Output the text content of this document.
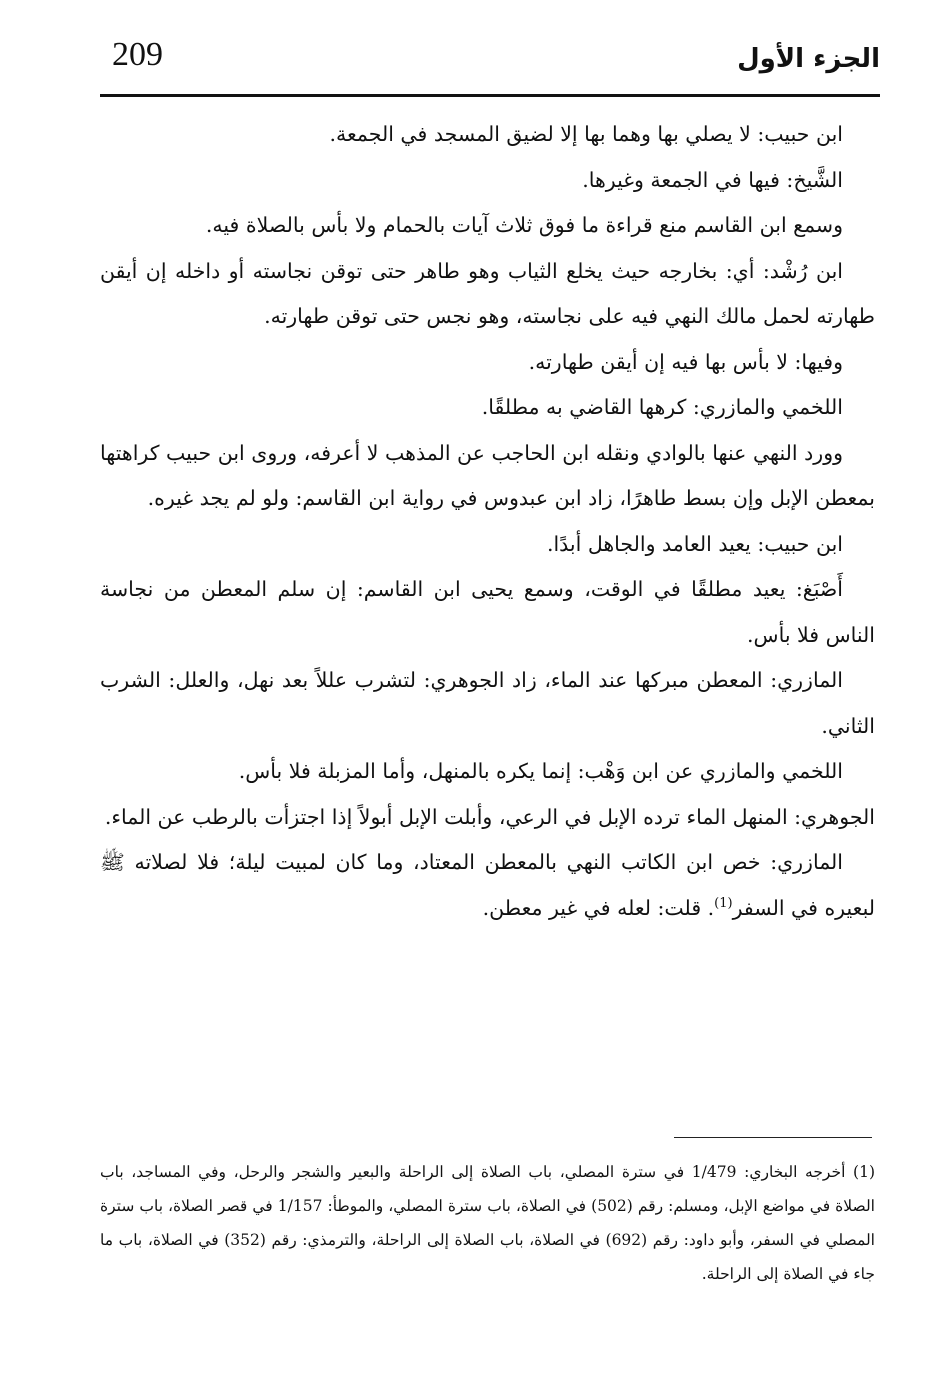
209	الجزء الأول

ابن حبيب: لا يصلي بها وهما بها إلا لضيق المسجد في الجمعة.

الشَّيخ: فيها في الجمعة وغيرها.

وسمع ابن القاسم منع قراءة ما فوق ثلاث آيات بالحمام ولا بأس بالصلاة فيه.

ابن رُشْد: أي: بخارجه حيث يخلع الثياب وهو طاهر حتى توقن نجاسته أو داخله إن أيقن طهارته لحمل مالك النهي فيه على نجاسته، وهو نجس حتى توقن طهارته.

وفيها: لا بأس بها فيه إن أيقن طهارته.

اللخمي والمازري: كرهها القاضي به مطلقًا.

وورد النهي عنها بالوادي ونقله ابن الحاجب عن المذهب لا أعرفه، وروى ابن حبيب كراهتها بمعطن الإبل وإن بسط طاهرًا، زاد ابن عبدوس في رواية ابن القاسم: ولو لم يجد غيره.

ابن حبيب: يعيد العامد والجاهل أبدًا.

أَصْبَغ: يعيد مطلقًا في الوقت، وسمع يحيى ابن القاسم: إن سلم المعطن من نجاسة الناس فلا بأس.

المازري: المعطن مبركها عند الماء، زاد الجوهري: لتشرب عللاً بعد نهل، والعلل: الشرب الثاني.

اللخمي والمازري عن ابن وَهْب: إنما يكره بالمنهل، وأما المزبلة فلا بأس.

الجوهري: المنهل الماء ترده الإبل في الرعي، وأبلت الإبل أبولاً إذا اجتزأت بالرطب عن الماء.

المازري: خص ابن الكاتب النهي بالمعطن المعتاد، وما كان لمبيت ليلة؛ فلا لصلاته ﷺ لبعيره في السفر$^{(1)}$. قلت: لعله في غير معطن.

(1) أخرجه البخاري: 1/479 في سترة المصلي، باب الصلاة إلى الراحلة والبعير والشجر والرحل، وفي المساجد، باب الصلاة في مواضع الإبل، ومسلم: رقم (502) في الصلاة، باب سترة المصلي، والموطأ: 1/157 في قصر الصلاة، باب سترة المصلي في السفر، وأبو داود: رقم (692) في الصلاة، باب الصلاة إلى الراحلة، والترمذي: رقم (352) في الصلاة، باب ما جاء في الصلاة إلى الراحلة.
